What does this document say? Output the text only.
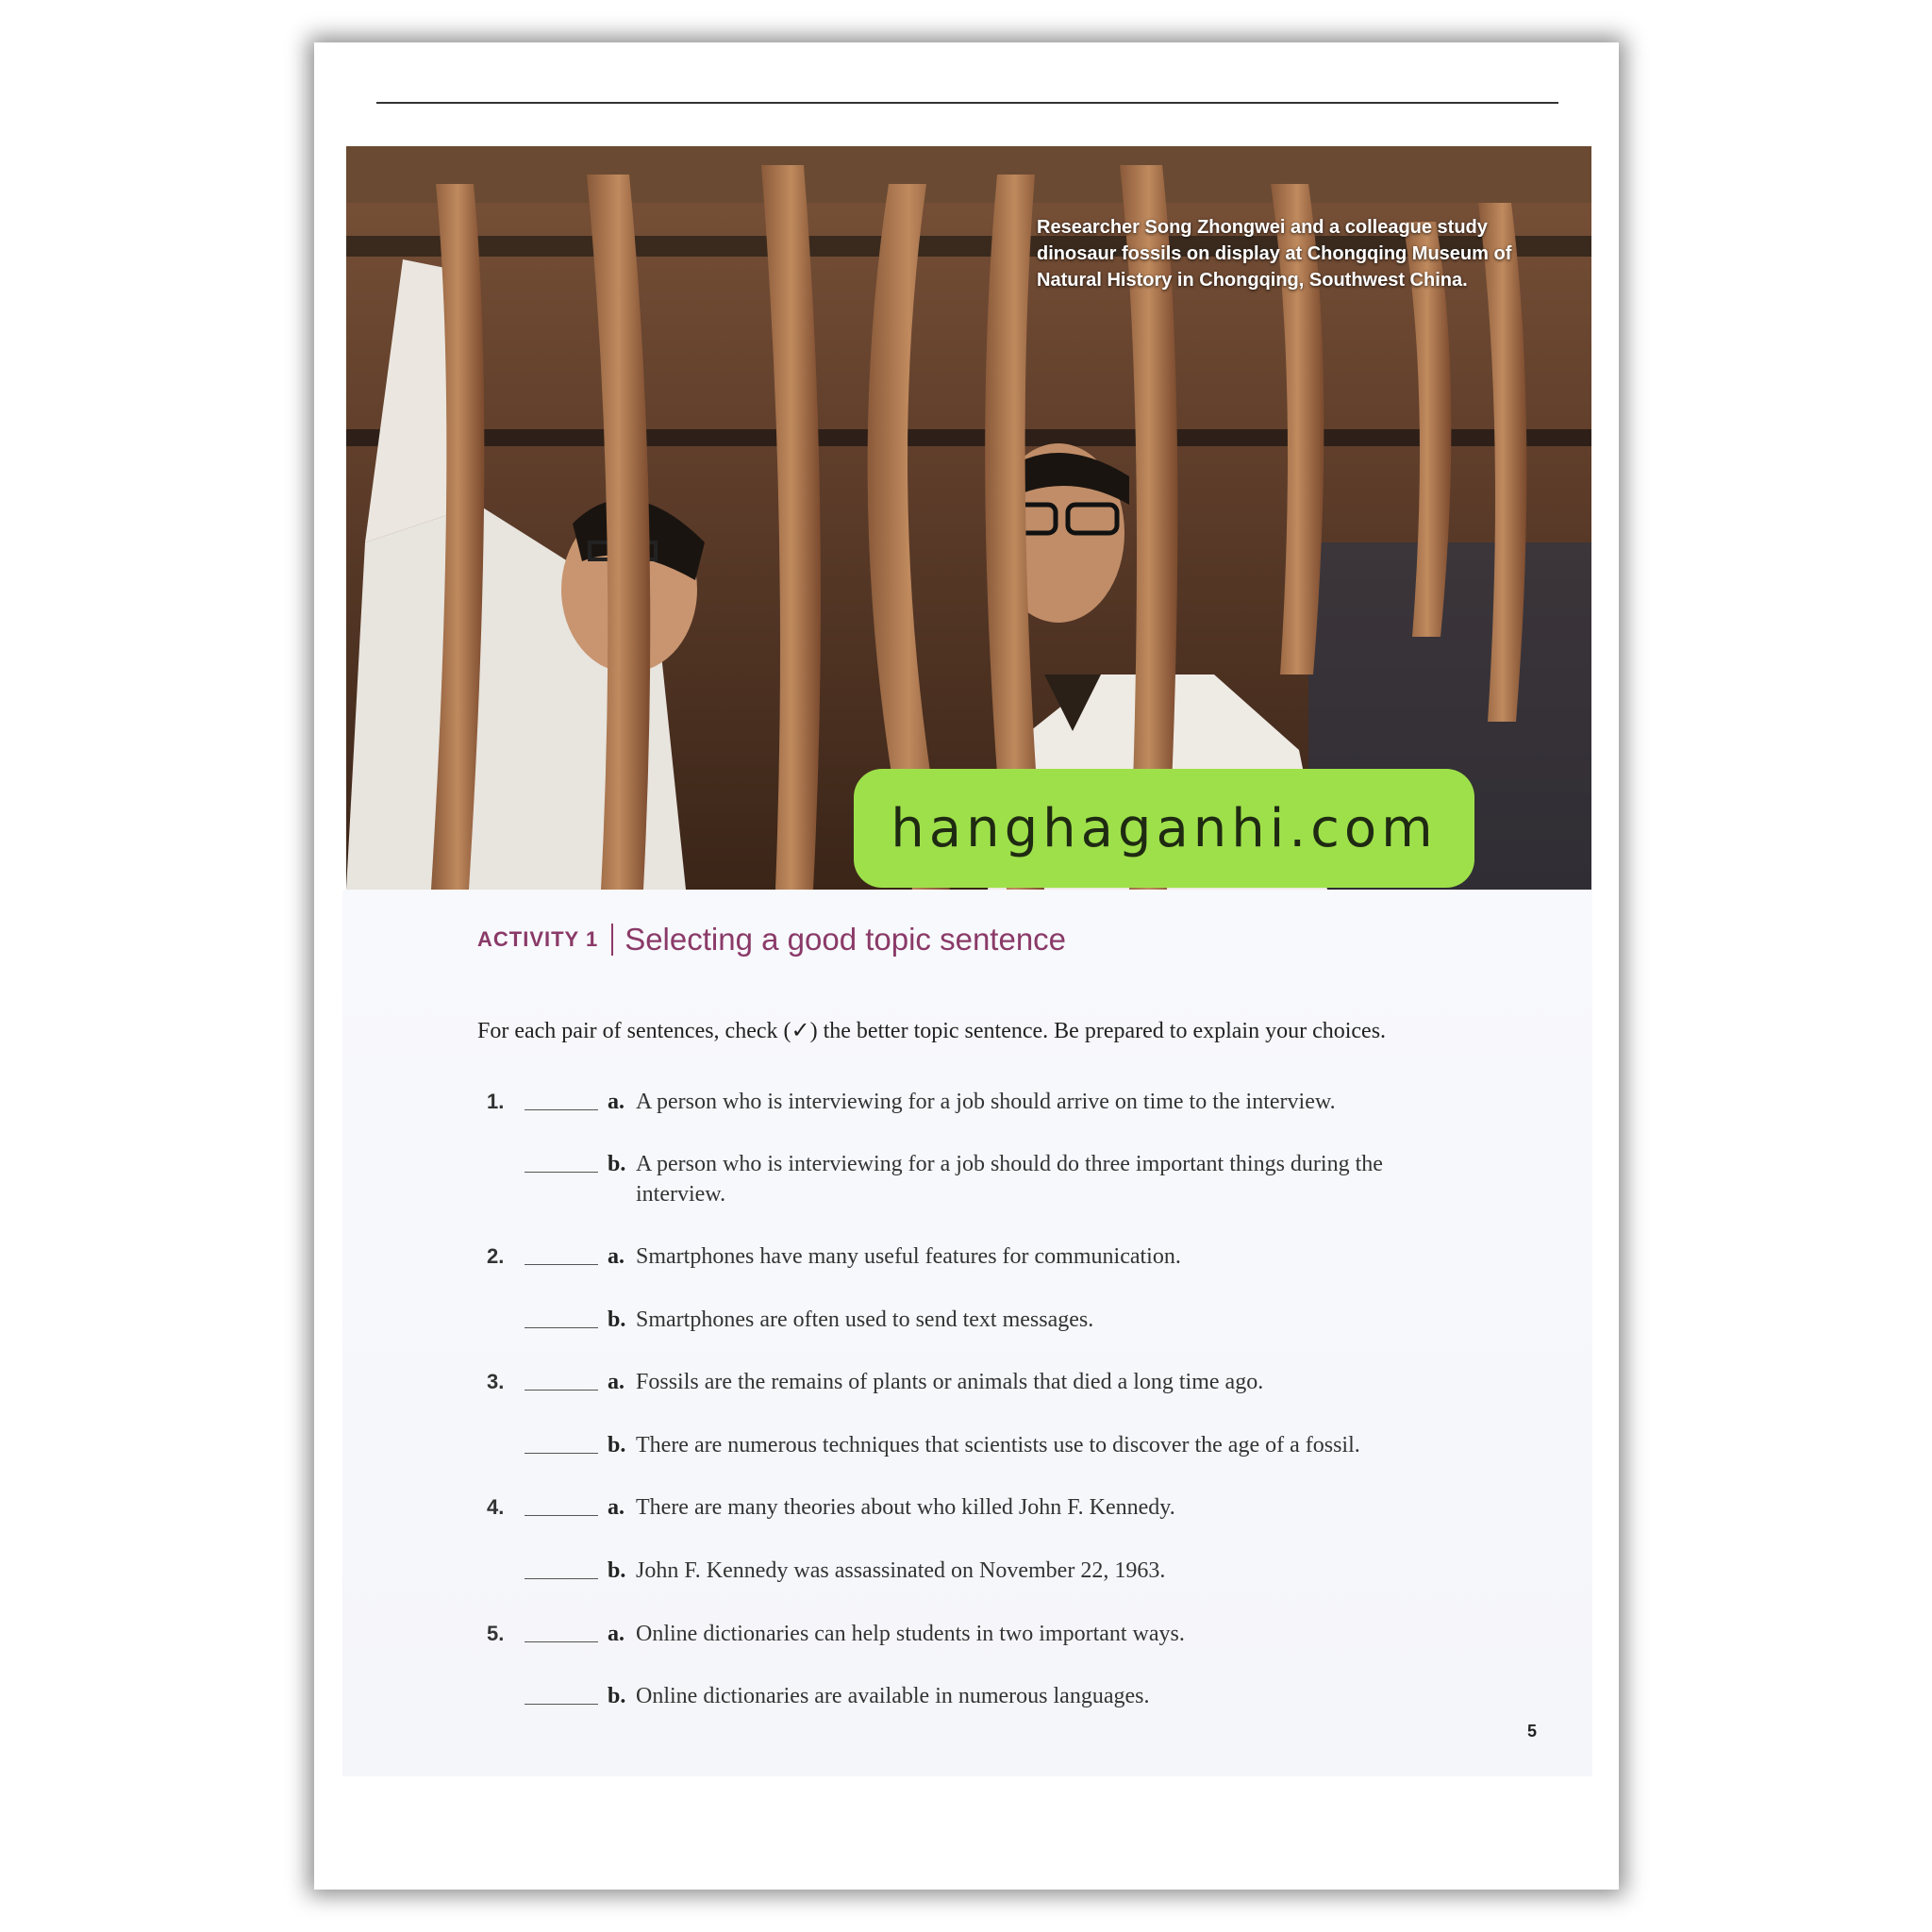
Researcher Song Zhongwei and a colleague study dinosaur fossils on display at Chongqing Museum of Natural History in Chongqing, Southwest China.
ACTIVITY 1 Selecting a good topic sentence
For each pair of sentences, check (✓) the better topic sentence. Be prepared to explain your choices.
1.	a. A person who is interviewing for a job should arrive on time to the interview.
b. A person who is interviewing for a job should do three important things during the interview.
2.	a. Smartphones have many useful features for communication.
b. Smartphones are often used to send text messages.
3.	a. Fossils are the remains of plants or animals that died a long time ago.
b. There are numerous techniques that scientists use to discover the age of a fossil.
4.	a. There are many theories about who killed John F. Kennedy.
b. John F. Kennedy was assassinated on November 22, 1963.
5.	a. Online dictionaries can help students in two important ways.
b. Online dictionaries are available in numerous languages.
5
hanghaganhi.com
